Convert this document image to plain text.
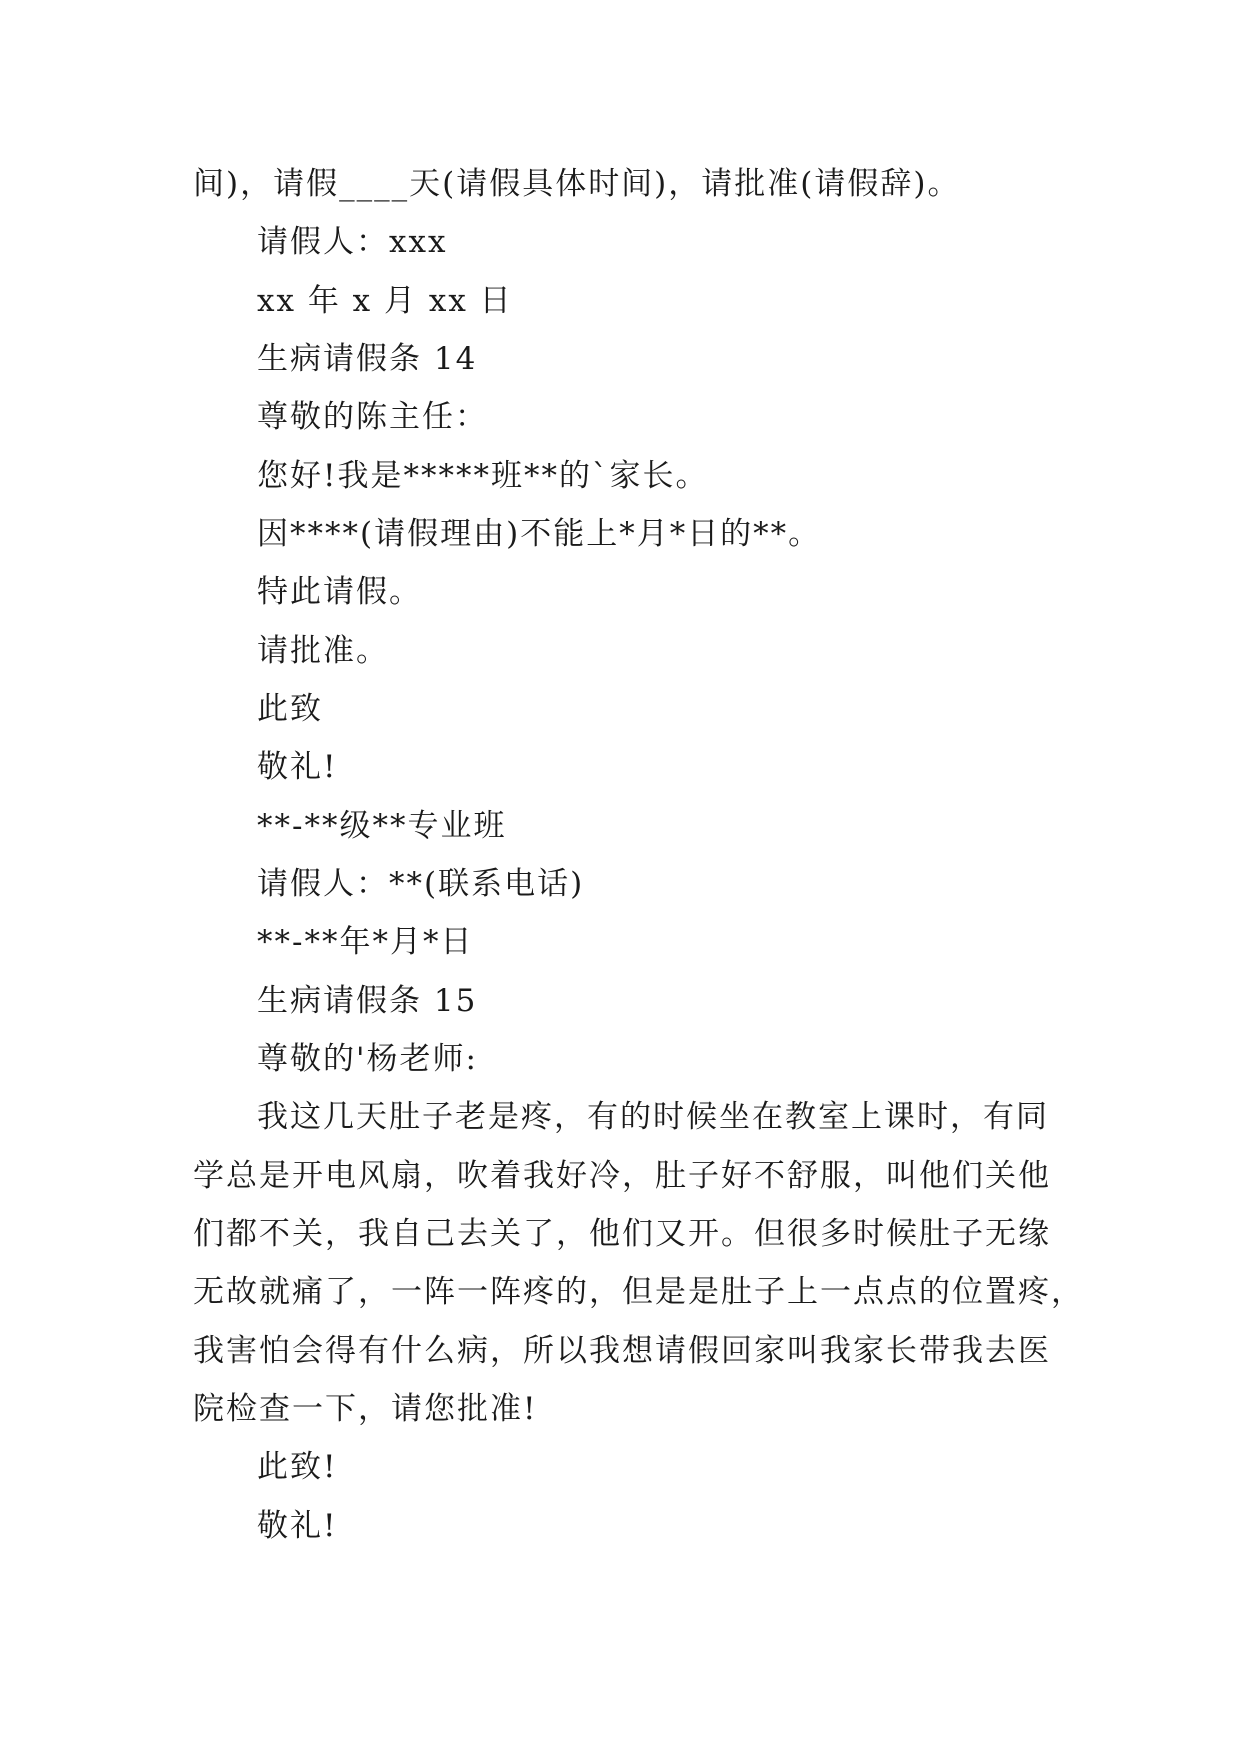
间)，请假____天(请假具体时间)，请批准(请假辞)。
请假人：xxx
xx 年 x 月 xx 日
生病请假条 14
尊敬的陈主任：
您好!我是*****班**的`家长。
因****(请假理由)不能上*月*日的**。
特此请假。
请批准。
此致
敬礼!
**-**级**专业班
请假人：**(联系电话)
**-**年*月*日
生病请假条 15
尊敬的'杨老师:
我这几天肚子老是疼，有的时候坐在教室上课时，有同
学总是开电风扇，吹着我好冷，肚子好不舒服，叫他们关他
们都不关，我自己去关了，他们又开。但很多时候肚子无缘
无故就痛了，一阵一阵疼的，但是是肚子上一点点的位置疼，
我害怕会得有什么病，所以我想请假回家叫我家长带我去医
院检查一下，请您批准!
此致!
敬礼!
